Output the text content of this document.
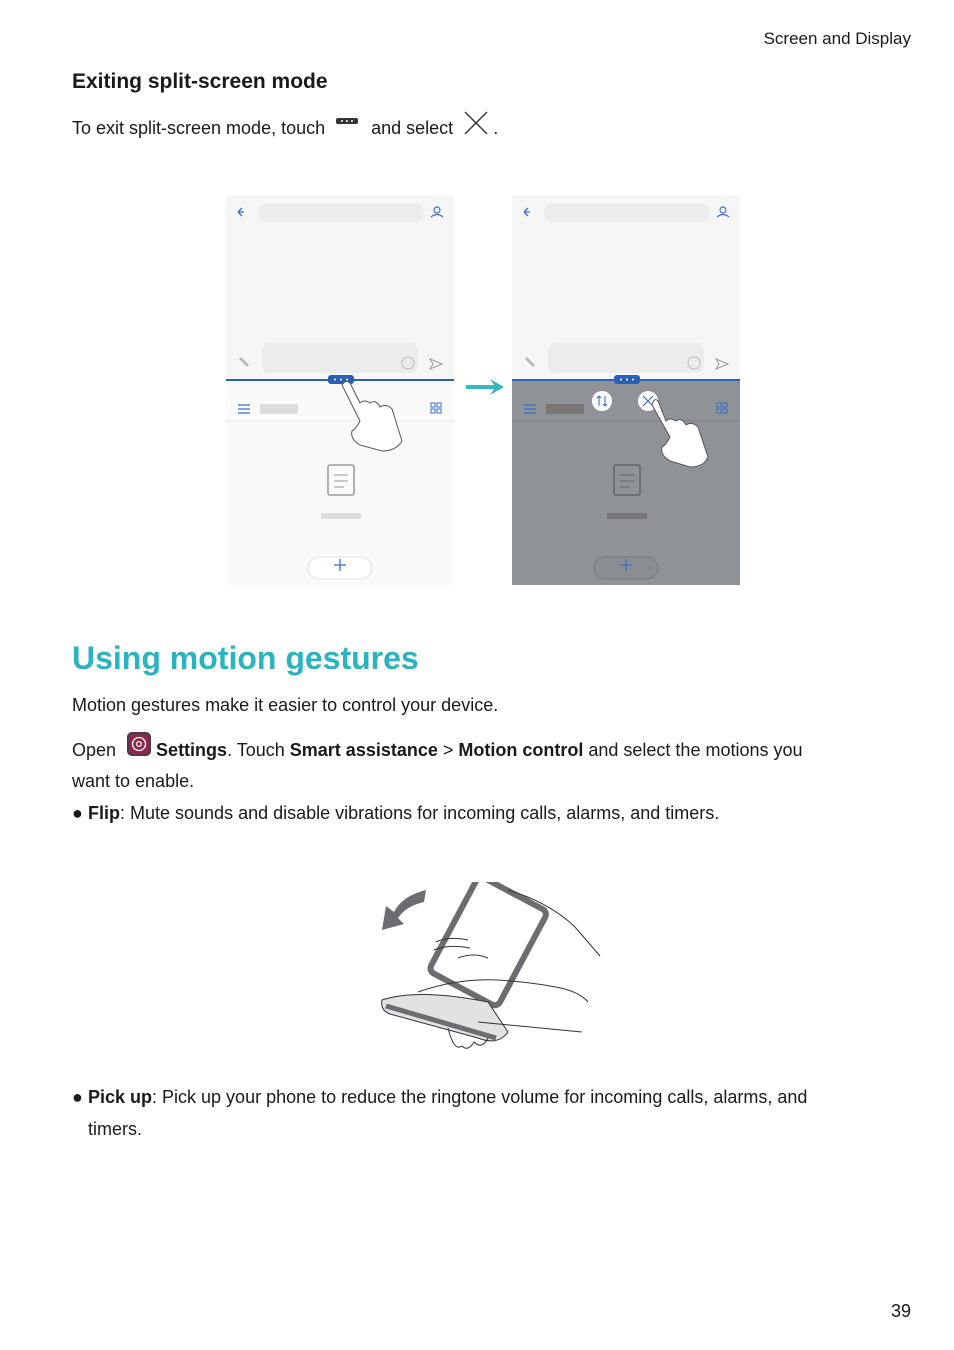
Screen and Display
Exiting split-screen mode
To exit split-screen mode, touch	and select .
Using motion gestures
Motion gestures make it easier to control your device.
Open Settings . Touch Smart assistance > Motion control and select the motions you
want to enable.
● Flip : Mute sounds and disable vibrations for incoming calls, alarms, and timers.
● Pick up : Pick up your phone to reduce the ringtone volume for incoming calls, alarms, and
timers.
39
